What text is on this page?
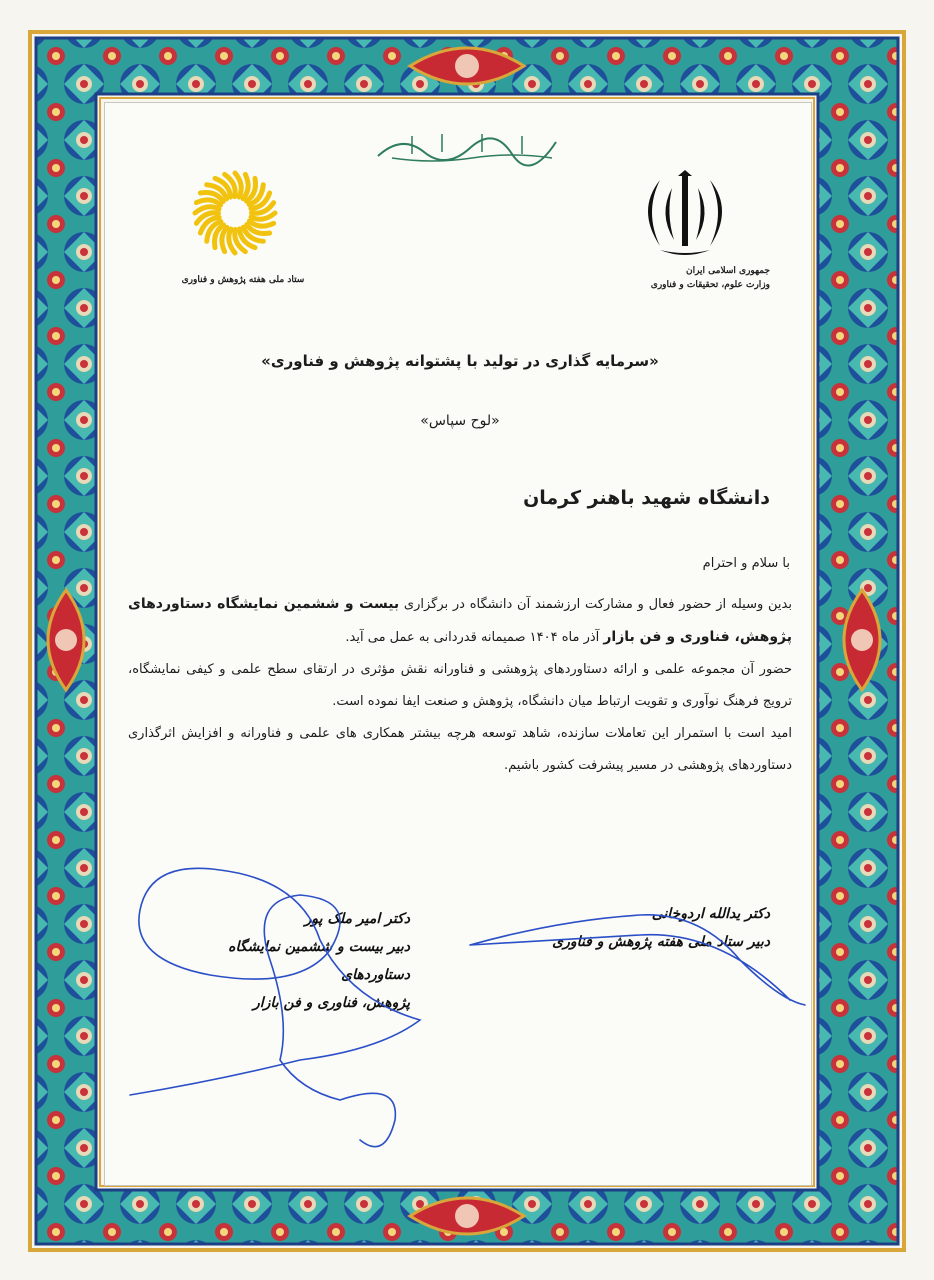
ستاد ملی هفته پژوهش و فناوری
جمهوری اسلامی ایران
وزارت علوم، تحقیقات و فناوری
«سرمایه گذاری در تولید با پشتوانه پژوهش و فناوری»
«لوح سپاس»
دانشگاه شهید باهنر کرمان
با سلام و احترام
بدین وسیله از حضور فعال و مشارکت ارزشمند آن دانشگاه در برگزاری بیست و ششمین نمایشگاه دستاوردهای پژوهش، فناوری و فن بازار آذر ماه ۱۴۰۴ صمیمانه قدردانی به عمل می آید.
حضور آن مجموعه علمی و ارائه دستاوردهای پژوهشی و فناورانه نقش مؤثری در ارتقای سطح علمی و کیفی نمایشگاه، ترویج فرهنگ نوآوری و تقویت ارتباط میان دانشگاه، پژوهش و صنعت ایفا نموده است.
امید است با استمرار این تعاملات سازنده، شاهد توسعه هرچه بیشتر همکاری های علمی و فناورانه و افزایش اثرگذاری دستاوردهای پژوهشی در مسیر پیشرفت کشور باشیم.
دکتر امیر ملک پور
دبیر بیست و ششمین نمایشگاه دستاوردهای
پژوهش، فناوری و فن بازار
دکتر یدالله اردوخانی
دبیر ستاد ملی هفته پژوهش و فناوری
